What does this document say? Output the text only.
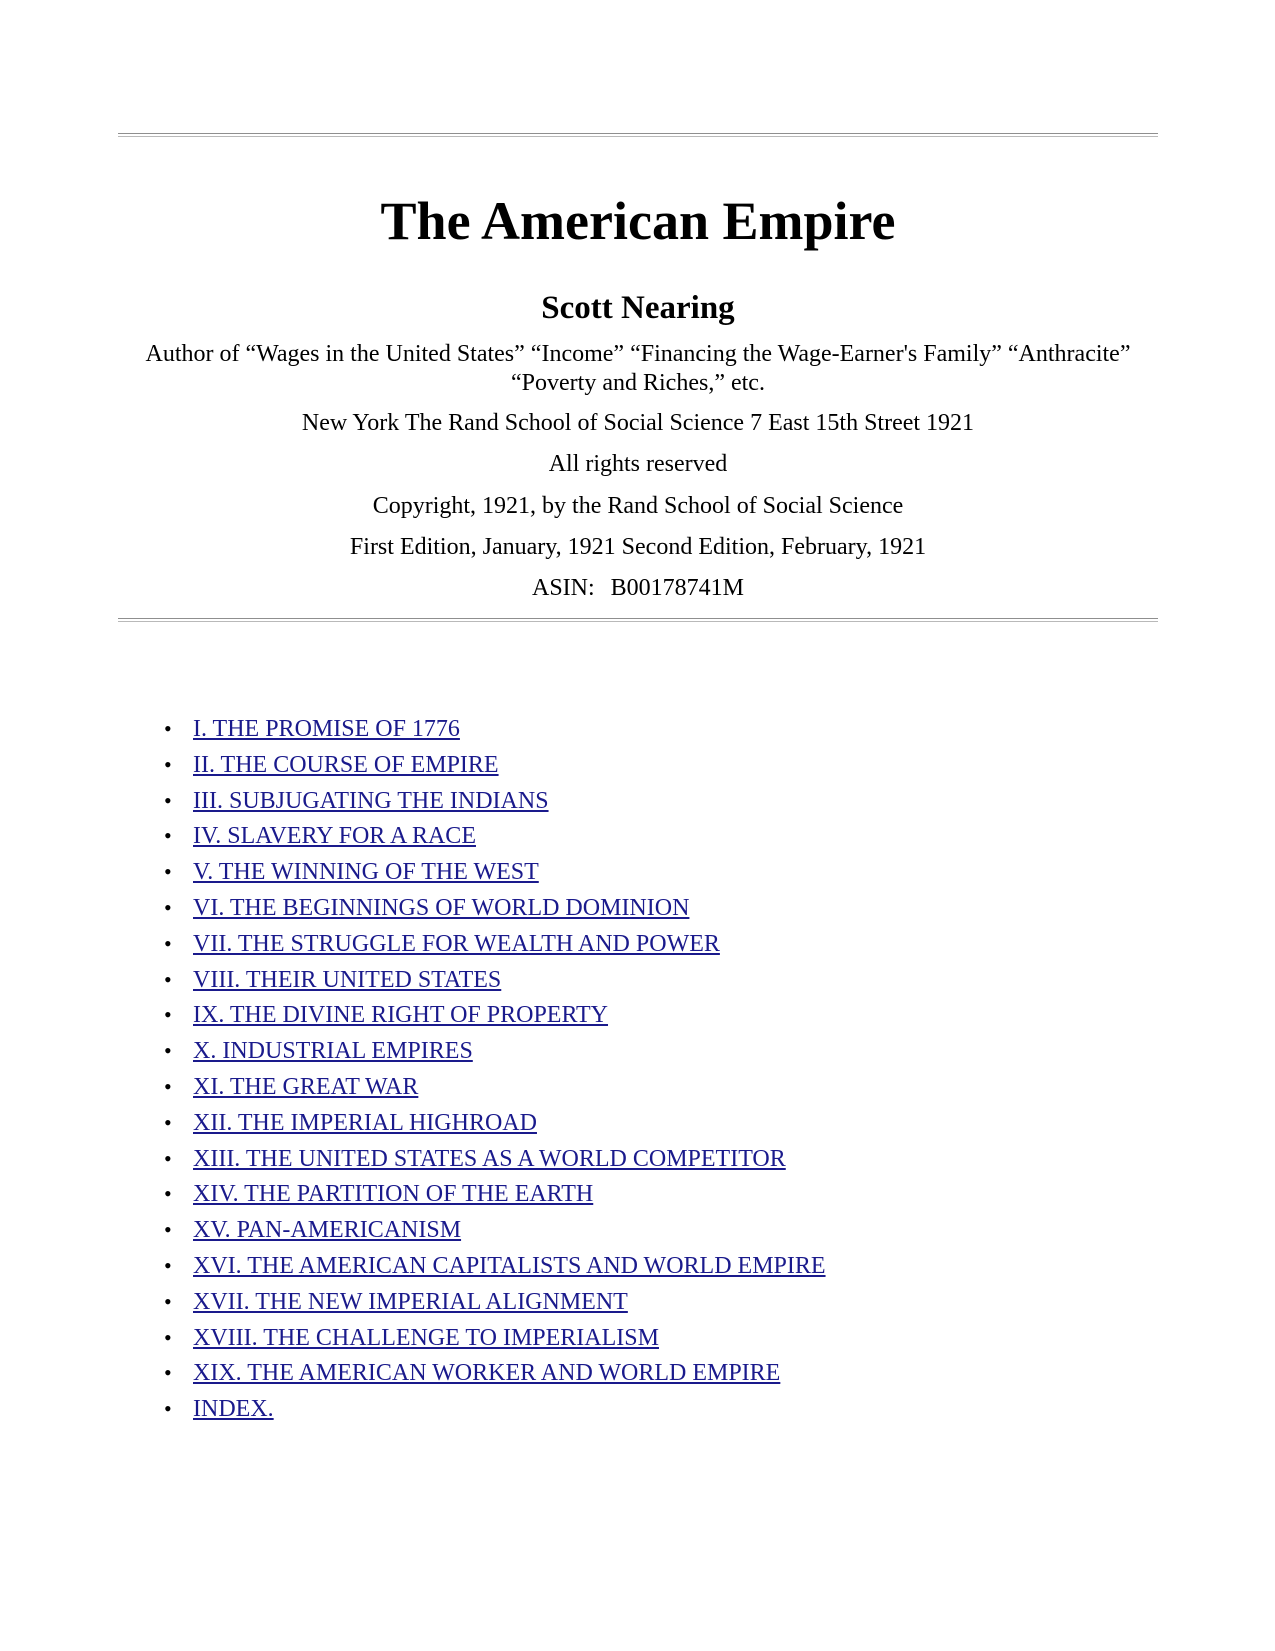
The American Empire
Scott Nearing

Author of “Wages in the United States” “Income” “Financing the Wage-Earner's Family” “Anthracite”
“Poverty and Riches,” etc.

New York The Rand School of Social Science 7 East 15th Street 1921

All rights reserved

Copyright, 1921, by the Rand School of Social Science

First Edition, January, 1921 Second Edition, February, 1921

ASIN: B00178741M

• I. THE PROMISE OF 1776
• II. THE COURSE OF EMPIRE
• III. SUBJUGATING THE INDIANS
• IV. SLAVERY FOR A RACE
• V. THE WINNING OF THE WEST
• VI. THE BEGINNINGS OF WORLD DOMINION
• VII. THE STRUGGLE FOR WEALTH AND POWER
• VIII. THEIR UNITED STATES
• IX. THE DIVINE RIGHT OF PROPERTY
• X. INDUSTRIAL EMPIRES
• XI. THE GREAT WAR
• XII. THE IMPERIAL HIGHROAD
• XIII. THE UNITED STATES AS A WORLD COMPETITOR
• XIV. THE PARTITION OF THE EARTH
• XV. PAN-AMERICANISM
• XVI. THE AMERICAN CAPITALISTS AND WORLD EMPIRE
• XVII. THE NEW IMPERIAL ALIGNMENT
• XVIII. THE CHALLENGE TO IMPERIALISM
• XIX. THE AMERICAN WORKER AND WORLD EMPIRE
• INDEX.
